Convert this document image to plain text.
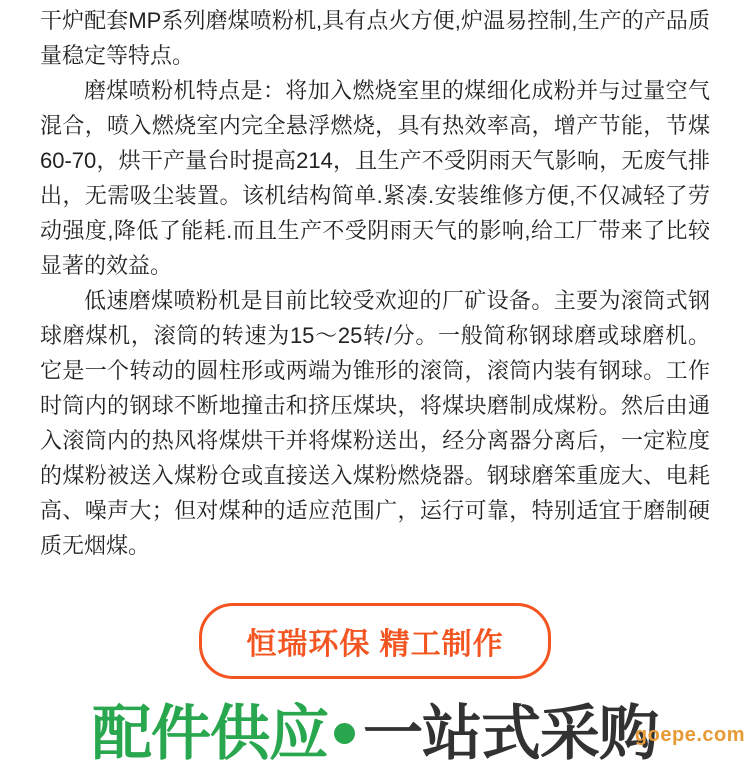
干炉配套MP系列磨煤喷粉机,具有点火方便,炉温易控制,生产的产品质量稳定等特点。

磨煤喷粉机特点是：将加入燃烧室里的煤细化成粉并与过量空气混合，喷入燃烧室内完全悬浮燃烧，具有热效率高，增产节能，节煤60-70，烘干产量台时提高214，且生产不受阴雨天气影响，无废气排出，无需吸尘装置。该机结构简单.紧凑.安装维修方便,不仅减轻了劳动强度,降低了能耗.而且生产不受阴雨天气的影响,给工厂带来了比较显著的效益。

低速磨煤喷粉机是目前比较受欢迎的厂矿设备。主要为滚筒式钢球磨煤机，滚筒的转速为15～25转/分。一般简称钢球磨或球磨机。它是一个转动的圆柱形或两端为锥形的滚筒，滚筒内装有钢球。工作时筒内的钢球不断地撞击和挤压煤块，将煤块磨制成煤粉。然后由通入滚筒内的热风将煤烘干并将煤粉送出，经分离器分离后，一定粒度的煤粉被送入煤粉仓或直接送入煤粉燃烧器。钢球磨笨重庞大、电耗高、噪声大；但对煤种的适应范围广，运行可靠，特别适宜于磨制硬质无烟煤。

恒瑞环保 精工制作
配件供应 一站式采购
goepe.com
